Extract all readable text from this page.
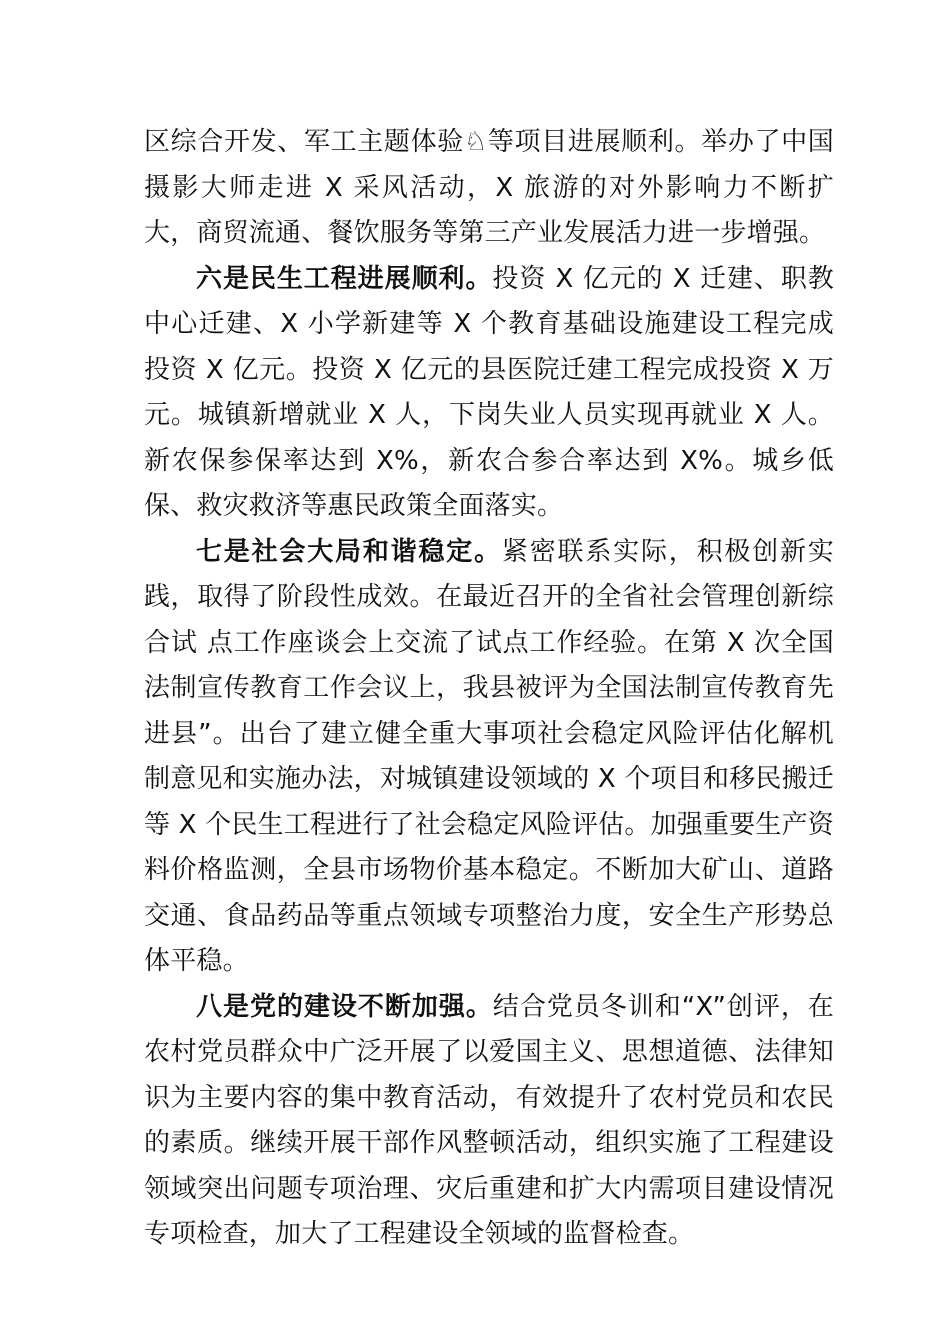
区综合开发、军工主题体验♘等项目进展顺利。举办了中国摄影大师走进 X 采风活动，X 旅游的对外影响力不断扩大，商贸流通、餐饮服务等第三产业发展活力进一步增强。

六是民生工程进展顺利。投资 X 亿元的 X 迁建、职教中心迁建、X 小学新建等 X 个教育基础设施建设工程完成投资 X 亿元。投资 X 亿元的县医院迁建工程完成投资 X 万元。城镇新增就业 X 人，下岗失业人员实现再就业 X 人。新农保参保率达到 X%，新农合参合率达到 X%。城乡低保、救灾救济等惠民政策全面落实。

七是社会大局和谐稳定。紧密联系实际，积极创新实践，取得了阶段性成效。在最近召开的全省社会管理创新综合试 点工作座谈会上交流了试点工作经验。在第 X 次全国法制宣传教育工作会议上，我县被评为全国法制宣传教育先进县”。出台了建立健全重大事项社会稳定风险评估化解机制意见和实施办法，对城镇建设领域的 X 个项目和移民搬迁等 X 个民生工程进行了社会稳定风险评估。加强重要生产资料价格监测，全县市场物价基本稳定。不断加大矿山、道路交通、食品药品等重点领域专项整治力度，安全生产形势总体平稳。

八是党的建设不断加强。结合党员冬训和“X”创评，在农村党员群众中广泛开展了以爱国主义、思想道德、法律知识为主要内容的集中教育活动，有效提升了农村党员和农民的素质。继续开展干部作风整顿活动，组织实施了工程建设领域突出问题专项治理、灾后重建和扩大内需项目建设情况专项检查，加大了工程建设全领域的监督检查。
